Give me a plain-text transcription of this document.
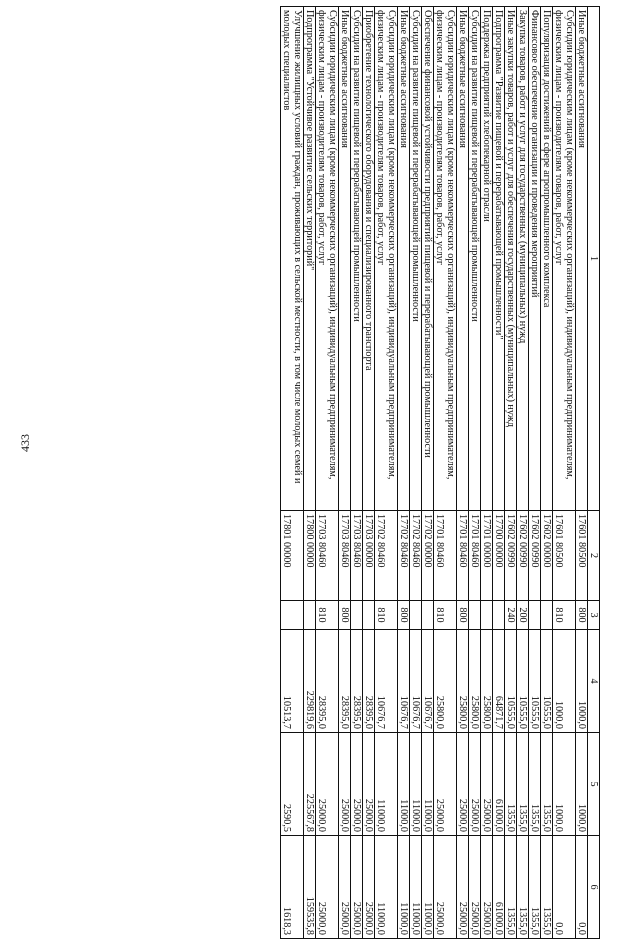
433
1	2	3	4	5	6
Иные бюджетные ассигнования	17601 80500	800	1000,0	1000,0	0,0
Субсидии юридическим лицам (кроме некоммерческих организаций), индивидуальным предпринимателям, физическим лицам - производителям товаров, работ, услуг	17601 80500	810	1000,0	1000,0	0,0
Популяризация достижений в сфере агропромышленного комплекса	17602 00000		10555,0	1355,0	1355,0
Финансовое обеспечение организации и проведения мероприятий	17602 00990		10555,0	1355,0	1355,0
Закупка товаров, работ и услуг для государственных (муниципальных) нужд	17602 00990	200	10555,0	1355,0	1355,0
Иные закупки товаров, работ и услуг для обеспечения государственных (муниципальных) нужд	17602 00990	240	10555,0	1355,0	1355,0
Подпрограмма "Развитие пищевой и перерабатывающей промышленности"	17700 00000		64871,7	61000,0	61000,0
Поддержка предприятий хлебопекарной отрасли	17701 00000		25800,0	25000,0	25000,0
Субсидии на развитие пищевой и перерабатывающей промышленности	17701 80460		25800,0	25000,0	25000,0
Иные бюджетные ассигнования	17701 80460	800	25800,0	25000,0	25000,0
Субсидии юридическим лицам (кроме некоммерческих организаций), индивидуальным предпринимателям, физическим лицам - производителям товаров, работ, услуг	17701 80460	810	25800,0	25000,0	25000,0
Обеспечение финансовой устойчивости предприятий пищевой и перерабатывающей промышленности	17702 00000		10676,7	11000,0	11000,0
Субсидии на развитие пищевой и перерабатывающей промышленности	17702 80460		10676,7	11000,0	11000,0
Иные бюджетные ассигнования	17702 80460	800	10676,7	11000,0	11000,0
Субсидии юридическим лицам (кроме некоммерческих организаций), индивидуальным предпринимателям, физическим лицам - производителям товаров, работ, услуг	17702 80460	810	10676,7	11000,0	11000,0
Приобретение технологического оборудования и специализированного транспорта	17703 00000		28395,0	25000,0	25000,0
Субсидии на развитие пищевой и перерабатывающей промышленности	17703 80460		28395,0	25000,0	25000,0
Иные бюджетные ассигнования	17703 80460	800	28395,0	25000,0	25000,0
Субсидии юридическим лицам (кроме некоммерческих организаций), индивидуальным предпринимателям, физическим лицам - производителям товаров, работ, услуг	17703 80460	810	28395,0	25000,0	25000,0
Подпрограмма "Устойчивое развитие сельских территорий"	17800 00000		229819,6	225567,8	159535,8
Улучшение жилищных условий граждан, проживающих в сельской местности, в том числе молодых семей и молодых специалистов	17801 00000		10513,7	2590,5	1618,3
